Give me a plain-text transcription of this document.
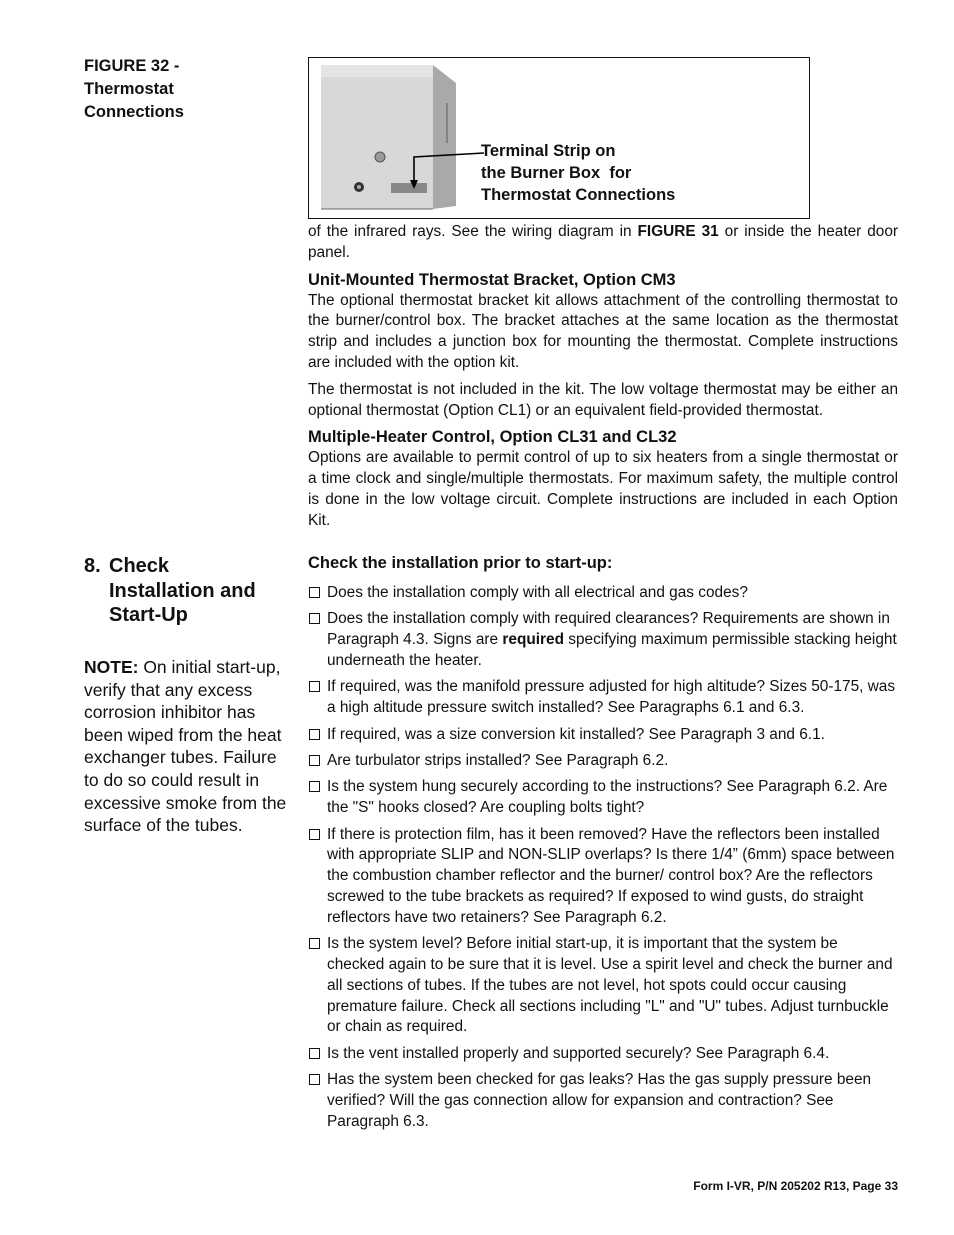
FIGURE 32 -
Thermostat
Connections
Terminal Strip on
the Burner Box  for
Thermostat Connections

of the infrared rays. See the wiring diagram in FIGURE 31 or inside the heater door panel.

Unit-Mounted Thermostat Bracket, Option CM3

The optional thermostat bracket kit allows attachment of the controlling thermostat to the burner/control box. The bracket attaches at the same location as the thermostat strip and includes a junction box for mounting the thermostat. Complete instructions are included with the option kit.

The thermostat is not included in the kit. The low voltage thermostat may be either an optional thermostat (Option CL1) or an equivalent field-provided thermostat.

Multiple-Heater Control, Option CL31 and CL32

Options are available to permit control of up to six heaters from a single thermostat or a time clock and single/multiple thermostats. For maximum safety, the multiple control is done in the low voltage circuit. Complete instructions are included in each Option Kit.

8. Check
Installation and
Start-Up
NOTE: On initial start-up, verify that any excess corrosion inhibitor has been wiped from the heat exchanger tubes. Failure to do so could result in excessive smoke from the surface of the tubes.
Check the installation prior to start-up:
Does the installation comply with all electrical and gas codes?
Does the installation comply with required clearances? Requirements are shown in Paragraph 4.3. Signs are required specifying maximum permissible stacking height underneath the heater.
If required, was the manifold pressure adjusted for high altitude? Sizes 50-175, was a high altitude pressure switch installed? See Paragraphs 6.1 and 6.3.
If required, was a size conversion kit installed? See Paragraph 3 and 6.1.
Are turbulator strips installed? See Paragraph 6.2.
Is the system hung securely according to the instructions? See Paragraph 6.2. Are the "S" hooks closed? Are coupling bolts tight?
If there is protection film, has it been removed? Have the reflectors been installed with appropriate SLIP and NON-SLIP overlaps? Is there 1/4” (6mm) space between the combustion chamber reflector and the burner/ control box? Are the reflectors screwed to the tube brackets as required? If exposed to wind gusts, do straight reflectors have two retainers? See Paragraph 6.2.
Is the system level? Before initial start-up, it is important that the system be checked again to be sure that it is level. Use a spirit level and check the burner and all sections of tubes. If the tubes are not level, hot spots could occur causing premature failure. Check all sections including "L" and "U" tubes. Adjust turnbuckle or chain as required.
Is the vent installed properly and supported securely? See Paragraph 6.4.
Has the system been checked for gas leaks? Has the gas supply pressure been verified? Will the gas connection allow for expansion and contraction? See Paragraph 6.3.
Form I-VR, P/N 205202 R13, Page 33
